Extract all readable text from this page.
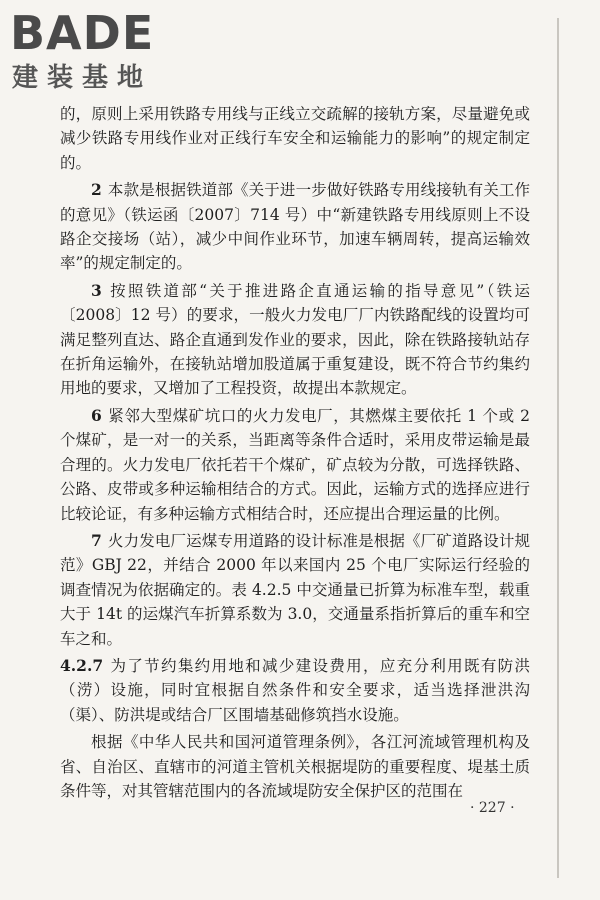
BADE
建装基地

的，原则上采用铁路专用线与正线立交疏解的接轨方案，尽量避免或减少铁路专用线作业对正线行车安全和运输能力的影响”的规定制定的。

2 本款是根据铁道部《关于进一步做好铁路专用线接轨有关工作的意见》（铁运函〔2007〕714 号）中“新建铁路专用线原则上不设路企交接场（站），减少中间作业环节，加速车辆周转，提高运输效率”的规定制定的。

3 按照铁道部“关于推进路企直通运输的指导意见”（铁运〔2008〕12 号）的要求，一般火力发电厂厂内铁路配线的设置均可满足整列直达、路企直通到发作业的要求，因此，除在铁路接轨站存在折角运输外，在接轨站增加股道属于重复建设，既不符合节约集约用地的要求，又增加了工程投资，故提出本款规定。

6 紧邻大型煤矿坑口的火力发电厂，其燃煤主要依托 1 个或 2 个煤矿，是一对一的关系，当距离等条件合适时，采用皮带运输是最合理的。火力发电厂依托若干个煤矿，矿点较为分散，可选择铁路、公路、皮带或多种运输相结合的方式。因此，运输方式的选择应进行比较论证，有多种运输方式相结合时，还应提出合理运量的比例。

7 火力发电厂运煤专用道路的设计标准是根据《厂矿道路设计规范》GBJ 22，并结合 2000 年以来国内 25 个电厂实际运行经验的调查情况为依据确定的。表 4.2.5 中交通量已折算为标准车型，载重大于 14t 的运煤汽车折算系数为 3.0，交通量系指折算后的重车和空车之和。

4.2.7 为了节约集约用地和减少建设费用，应充分利用既有防洪（涝）设施，同时宜根据自然条件和安全要求，适当选择泄洪沟（渠）、防洪堤或结合厂区围墙基础修筑挡水设施。

根据《中华人民共和国河道管理条例》，各江河流域管理机构及省、自治区、直辖市的河道主管机关根据堤防的重要程度、堤基土质条件等，对其管辖范围内的各流域堤防安全保护区的范围在

· 227 ·
